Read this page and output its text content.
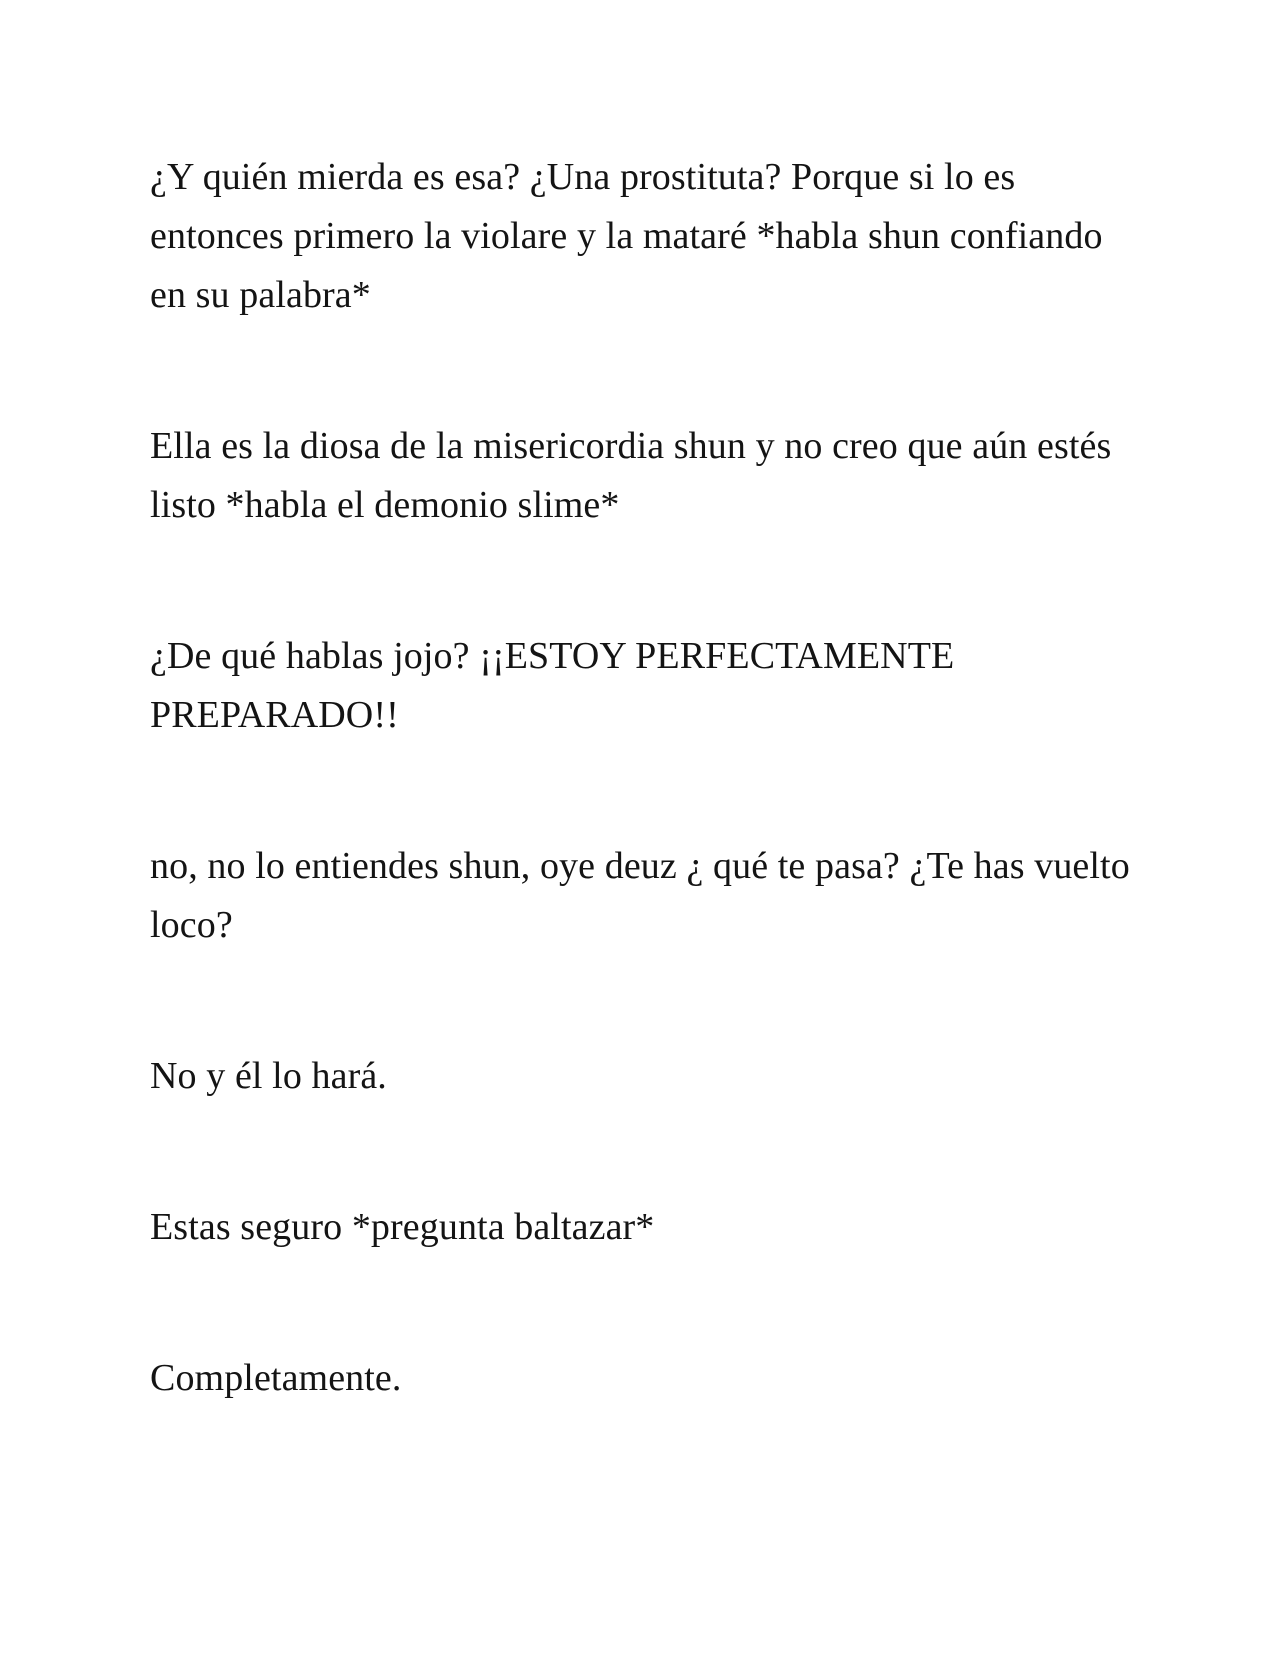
¿Y quién mierda es esa? ¿Una prostituta? Porque si lo es entonces primero la violare y la mataré *habla shun confiando en su palabra*

Ella es la diosa de la misericordia shun y no creo que aún estés listo *habla el demonio slime*

¿De qué hablas jojo? ¡¡ESTOY PERFECTAMENTE PREPARADO!!

no, no lo entiendes shun, oye deuz ¿ qué te pasa? ¿Te has vuelto loco?

No y él lo hará.

Estas seguro *pregunta baltazar*

Completamente.
